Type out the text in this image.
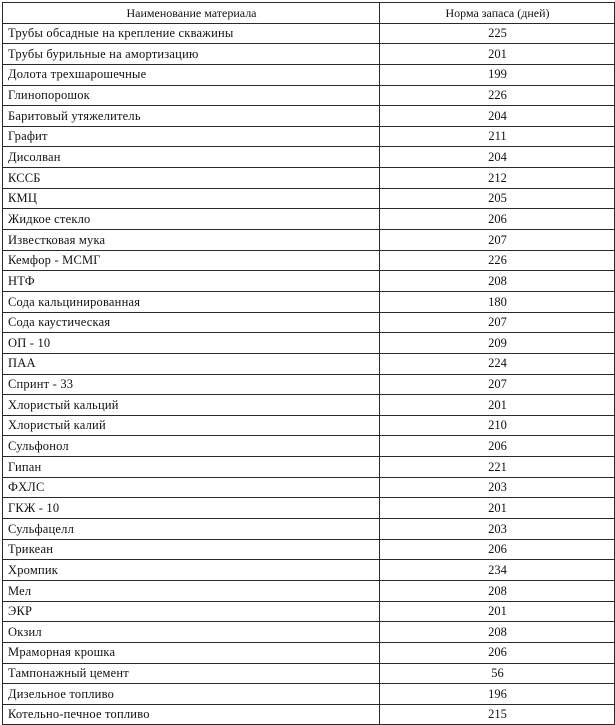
Наименование материала	Норма запаса (дней)
Трубы обсадные на крепление скважины	225
Трубы бурильные на амортизацию	201
Долота трехшарошечные	199
Глинопорошок	226
Баритовый утяжелитель	204
Графит	211
Дисолван	204
КССБ	212
КМЦ	205
Жидкое стекло	206
Известковая мука	207
Кемфор - МСМГ	226
НТФ	208
Сода кальцинированная	180
Сода каустическая	207
ОП - 10	209
ПАА	224
Спринт - 33	207
Хлористый кальций	201
Хлористый калий	210
Сульфонол	206
Гипан	221
ФХЛС	203
ГКЖ - 10	201
Сульфацелл	203
Трикеан	206
Хромпик	234
Мел	208
ЭКР	201
Окзил	208
Мраморная крошка	206
Тампонажный цемент	56
Дизельное топливо	196
Котельно-печное топливо	215
